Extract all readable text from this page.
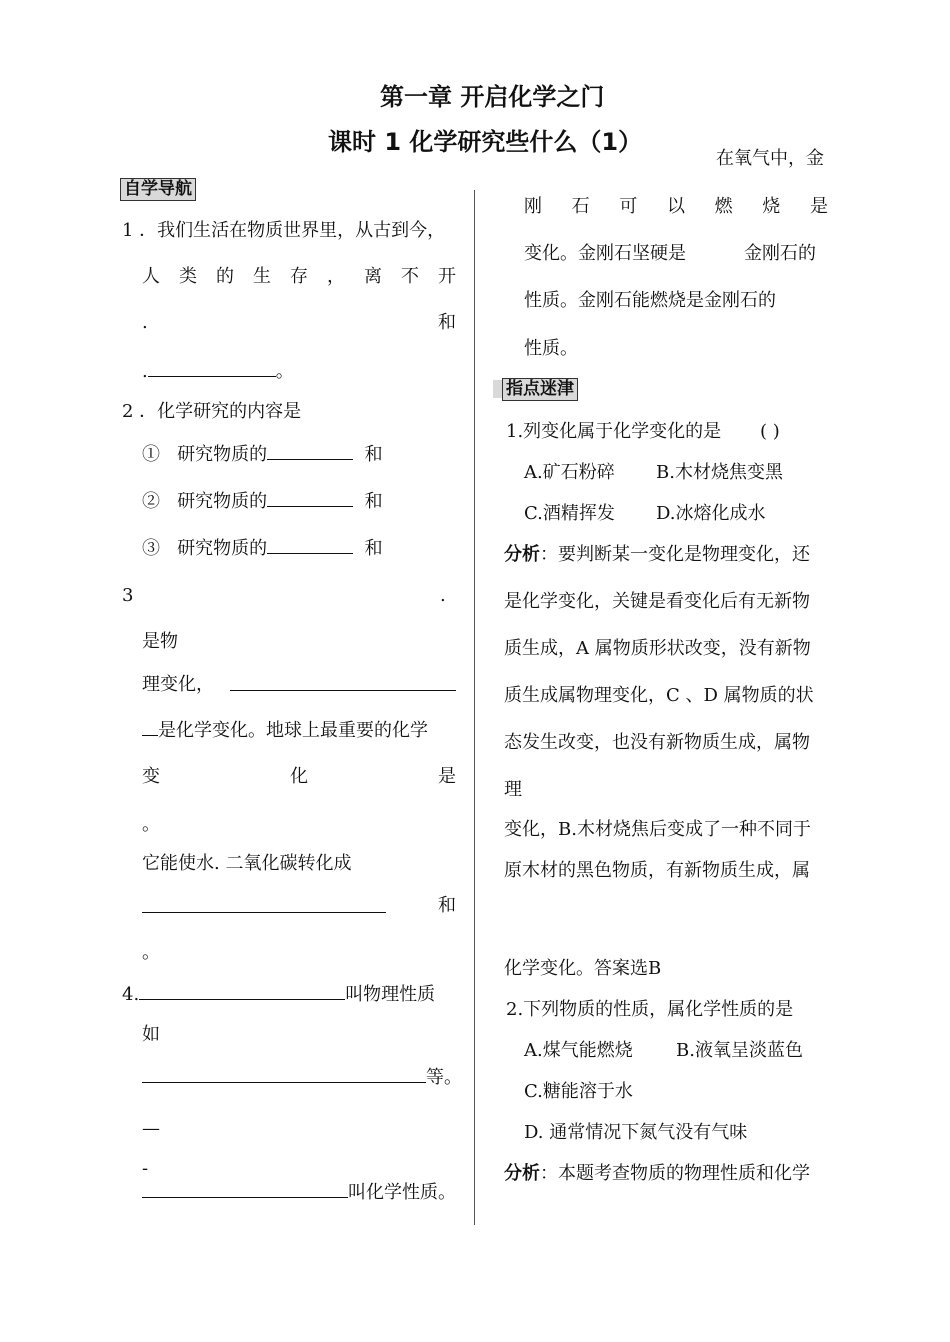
第一章 开启化学之门
课时 1 化学研究些什么（1）
自学导航
1 ．我们生活在物质世界里，从古到今，
人 类 的 生 存 ， 离 不 开
.	和
.	。
2 ．化学研究的内容是
① 研究物质的	和
② 研究物质的	和
③ 研究物质的	和
3	.
是物
理变化，
是化学变化。地球上最重要的化学
变	化	是
。
它能使水. 二氧化碳转化成
和
。
4.	叫物理性质
如
等。
—
-
叫化学性质。
在氧气中，金
刚 石 可 以 燃 烧 是
变化。金刚石坚硬是	金刚石的
性质。金刚石能燃烧是金刚石的
性质。
指点迷津
1.列变化属于化学变化的是 ( )
A.矿石粉碎 B.木材烧焦变黑
C.酒精挥发 D.冰熔化成水
分析：要判断某一变化是物理变化，还
是化学变化，关键是看变化后有无新物
质生成，A 属物质形状改变，没有新物
质生成属物理变化，C 、D 属物质的状
态发生改变，也没有新物质生成，属物
理
变化，B.木材烧焦后变成了一种不同于
原木材的黑色物质，有新物质生成，属
化学变化。答案选B
2.下列物质的性质，属化学性质的是
A.煤气能燃烧 B.液氧呈淡蓝色
C.糖能溶于水
D. 通常情况下氮气没有气味
分析：本题考查物质的物理性质和化学
